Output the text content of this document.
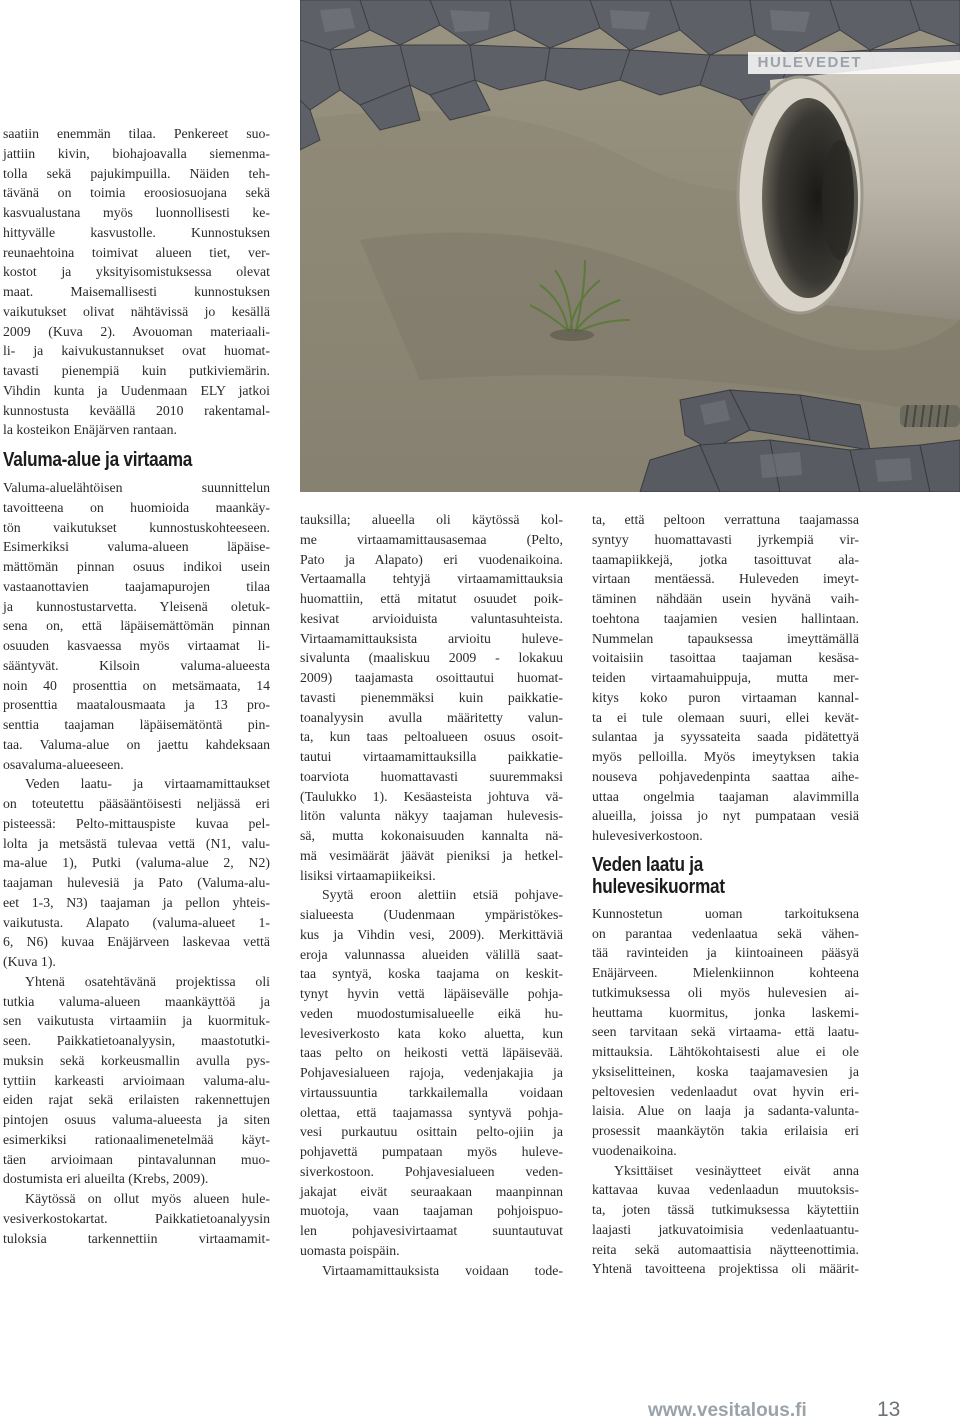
HULEVEDET

saatiin enemmän tilaa. Penkereet suo-
jattiin kivin, biohajoavalla siemenma-
tolla sekä pajukimpuilla. Näiden teh-
tävänä on toimia eroosiosuojana sekä
kasvualustana myös luonnollisesti ke-
hittyvälle kasvustolle. Kunnostuksen
reunaehtoina toimivat alueen tiet, ver-
kostot ja yksityisomistuksessa olevat
maat. Maisemallisesti kunnostuksen
vaikutukset olivat nähtävissä jo kesällä
2009 (Kuva 2). Avouoman materiaali-
li- ja kaivukustannukset ovat huomat-
tavasti pienempiä kuin putkiviemärin.
Vihdin kunta ja Uudenmaan ELY jatkoi
kunnostusta keväällä 2010 rakentamal-
la kosteikon Enäjärven rantaan.

Valuma-alue ja virtaama

Valuma-aluelähtöisen suunnittelun
tavoitteena on huomioida maankäy-
tön vaikutukset kunnostuskohteeseen.
Esimerkiksi valuma-alueen läpäise-
mättömän pinnan osuus indikoi usein
vastaanottavien taajamapurojen tilaa
ja kunnostustarvetta. Yleisenä oletuk-
sena on, että läpäisemättömän pinnan
osuuden kasvaessa myös virtaamat li-
sääntyvät. Kilsoin valuma-alueesta
noin 40 prosenttia on metsämaata, 14
prosenttia maatalousmaata ja 13 pro-
senttia taajaman läpäisemätöntä pin-
taa. Valuma-alue on jaettu kahdeksaan
osavaluma-alueeseen.

Veden laatu- ja virtaamamittaukset
on toteutettu pääsääntöisesti neljässä eri
pisteessä: Pelto-mittauspiste kuvaa pel-
lolta ja metsästä tulevaa vettä (N1, valu-
ma-alue 1), Putki (valuma-alue 2, N2)
taajaman hulevesiä ja Pato (Valuma-alu-
eet 1-3, N3) taajaman ja pellon yhteis-
vaikutusta. Alapato (valuma-alueet 1-
6, N6) kuvaa Enäjärveen laskevaa vettä
(Kuva 1).

Yhtenä osatehtävänä projektissa oli
tutkia valuma-alueen maankäyttöä ja
sen vaikutusta virtaamiin ja kuormituk-
seen. Paikkatietoanalyysin, maastotutki-
muksin sekä korkeusmallin avulla pys-
tyttiin karkeasti arvioimaan valuma-alu-
eiden rajat sekä erilaisten rakennettujen
pintojen osuus valuma-alueesta ja siten
esimerkiksi rationaalimenetelmää käyt-
täen arvioimaan pintavalunnan muo-
dostumista eri alueilta (Krebs, 2009).

Käytössä on ollut myös alueen hule-
vesiverkostokartat. Paikkatietoanalyysin
tuloksia tarkennettiin virtaamamit-

tauksilla; alueella oli käytössä kol-
me virtaamamittausasemaa (Pelto,
Pato ja Alapato) eri vuodenaikoina.
Vertaamalla tehtyjä virtaamamittauksia
huomattiin, että mitatut osuudet poik-
kesivat arvioiduista valuntasuhteista.
Virtaamamittauksista arvioitu huleve-
sivalunta (maaliskuu 2009 - lokakuu
2009) taajamasta osoittautui huomat-
tavasti pienemmäksi kuin paikkatie-
toanalyysin avulla määritetty valun-
ta, kun taas peltoalueen osuus osoit-
tautui virtaamamittauksilla paikkatie-
toarviota huomattavasti suuremmaksi
(Taulukko 1). Kesäasteista johtuva vä-
litön valunta näkyy taajaman hulevesis-
sä, mutta kokonaisuuden kannalta nä-
mä vesimäärät jäävät pieniksi ja hetkel-
lisiksi virtaamapiikeiksi.

Syytä eroon alettiin etsiä pohjave-
sialueesta (Uudenmaan ympäristökes-
kus ja Vihdin vesi, 2009). Merkittäviä
eroja valunnassa alueiden välillä saat-
taa syntyä, koska taajama on keskit-
tynyt hyvin vettä läpäisevälle pohja-
veden muodostumisalueelle eikä hu-
levesiverkosto kata koko aluetta, kun
taas pelto on heikosti vettä läpäisevää.
Pohjavesialueen rajoja, vedenjakajia ja
virtaussuuntia tarkkailemalla voidaan
olettaa, että taajamassa syntyvä pohja-
vesi purkautuu osittain pelto-ojiin ja
pohjavettä pumpataan myös huleve-
siverkostoon. Pohjavesialueen veden-
jakajat eivät seuraakaan maanpinnan
muotoja, vaan taajaman pohjoispuo-
len pohjavesivirtaamat suuntautuvat
uomasta poispäin.

Virtaamamittauksista voidaan tode-

ta, että peltoon verrattuna taajamassa
syntyy huomattavasti jyrkempiä vir-
taamapiikkejä, jotka tasoittuvat ala-
virtaan mentäessä. Huleveden imeyt-
täminen nähdään usein hyvänä vaih-
toehtona taajamien vesien hallintaan.
Nummelan tapauksessa imeyttämällä
voitaisiin tasoittaa taajaman kesäsa-
teiden virtaamahuippuja, mutta mer-
kitys koko puron virtaaman kannal-
ta ei tule olemaan suuri, ellei kevät-
sulantaa ja syyssateita saada pidätettyä
myös pelloilla. Myös imeytyksen takia
nouseva pohjavedenpinta saattaa aihe-
uttaa ongelmia taajaman alavimmilla
alueilla, joissa jo nyt pumpataan vesiä
hulevesiverkostoon.

Veden laatu ja
hulevesikuormat

Kunnostetun uoman tarkoituksena
on parantaa vedenlaatua sekä vähen-
tää ravinteiden ja kiintoaineen pääsyä
Enäjärveen. Mielenkiinnon kohteena
tutkimuksessa oli myös hulevesien ai-
heuttama kuormitus, jonka laskemi-
seen tarvitaan sekä virtaama- että laatu-
mittauksia. Lähtökohtaisesti alue ei ole
yksiselitteinen, koska taajamavesien ja
peltovesien vedenlaadut ovat hyvin eri-
laisia. Alue on laaja ja sadanta-valunta-
prosessit maankäytön takia erilaisia eri
vuodenaikoina.

Yksittäiset vesinäytteet eivät anna
kattavaa kuvaa vedenlaadun muutoksis-
ta, joten tässä tutkimuksessa käytettiin
laajasti jatkuvatoimisia vedenlaatuantu-
reita sekä automaattisia näytteenottimia.
Yhtenä tavoitteena projektissa oli määrit-

www.vesitalous.fi	13
